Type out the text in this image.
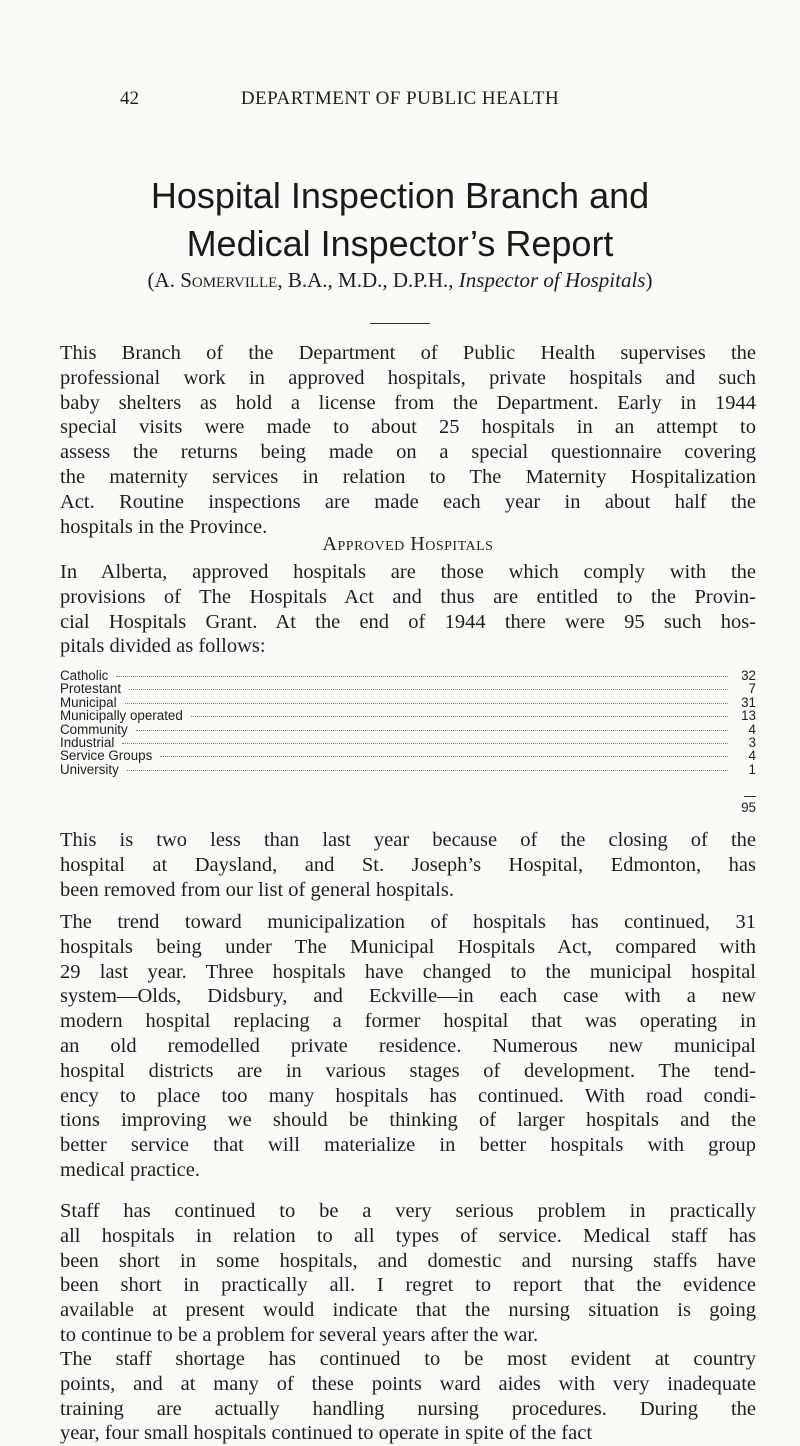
42	DEPARTMENT OF PUBLIC HEALTH
Hospital Inspection Branch and
Medical Inspector’s Report
(A. Somerville, B.A., M.D., D.P.H., Inspector of Hospitals)
This Branch of the Department of Public Health supervises the
professional work in approved hospitals, private hospitals and such
baby shelters as hold a license from the Department. Early in 1944
special visits were made to about 25 hospitals in an attempt to
assess the returns being made on a special questionnaire covering
the maternity services in relation to The Maternity Hospitalization
Act. Routine inspections are made each year in about half the
hospitals in the Province.
Approved Hospitals
In Alberta, approved hospitals are those which comply with the
provisions of The Hospitals Act and thus are entitled to the Provin-
cial Hospitals Grant. At the end of 1944 there were 95 such hos-
pitals divided as follows:
Catholic	32
Protestant	7
Municipal	31
Municipally operated	13
Community	4
Industrial	3
Service Groups	4
University	1
95
This is two less than last year because of the closing of the
hospital at Daysland, and St. Joseph’s Hospital, Edmonton, has
been removed from our list of general hospitals.
The trend toward municipalization of hospitals has continued, 31
hospitals being under The Municipal Hospitals Act, compared with
29 last year. Three hospitals have changed to the municipal hospital
system—Olds, Didsbury, and Eckville—in each case with a new
modern hospital replacing a former hospital that was operating in
an old remodelled private residence. Numerous new municipal
hospital districts are in various stages of development. The tend-
ency to place too many hospitals has continued. With road condi-
tions improving we should be thinking of larger hospitals and the
better service that will materialize in better hospitals with group
medical practice.
Staff has continued to be a very serious problem in practically
all hospitals in relation to all types of service. Medical staff has
been short in some hospitals, and domestic and nursing staffs have
been short in practically all. I regret to report that the evidence
available at present would indicate that the nursing situation is going
to continue to be a problem for several years after the war.
The staff shortage has continued to be most evident at country
points, and at many of these points ward aides with very inadequate
training are actually handling nursing procedures. During the
year, four small hospitals continued to operate in spite of the fact
